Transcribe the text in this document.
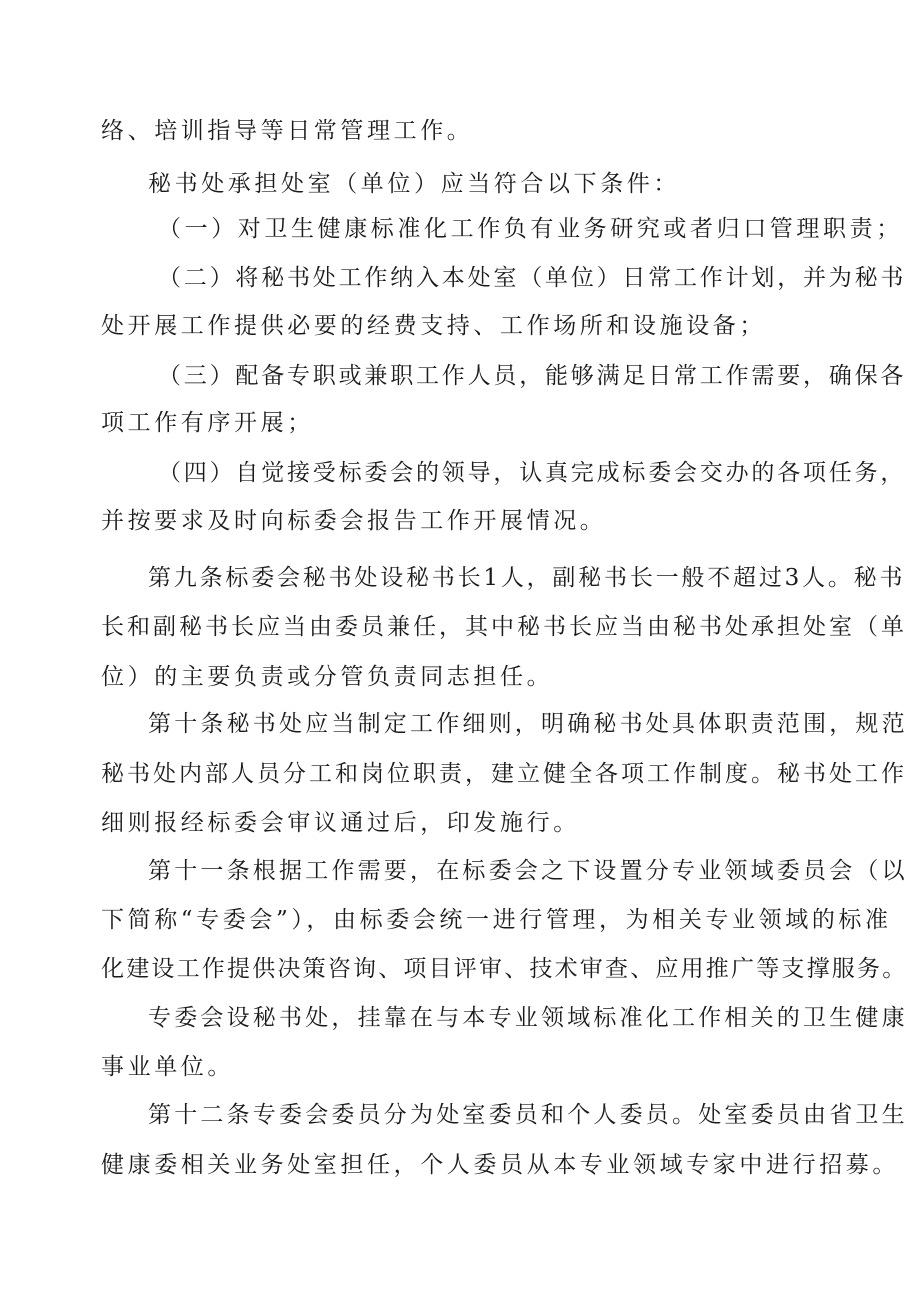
络、培训指导等日常管理工作。
秘书处承担处室（单位）应当符合以下条件：
（一）对卫生健康标准化工作负有业务研究或者归口管理职责；
（二）将秘书处工作纳入本处室（单位）日常工作计划，并为秘书
处开展工作提供必要的经费支持、工作场所和设施设备；
（三）配备专职或兼职工作人员，能够满足日常工作需要，确保各
项工作有序开展；
（四）自觉接受标委会的领导，认真完成标委会交办的各项任务，
并按要求及时向标委会报告工作开展情况。
第九条标委会秘书处设秘书长1人，副秘书长一般不超过3人。秘书
长和副秘书长应当由委员兼任，其中秘书长应当由秘书处承担处室（单
位）的主要负责或分管负责同志担任。
第十条秘书处应当制定工作细则，明确秘书处具体职责范围，规范
秘书处内部人员分工和岗位职责，建立健全各项工作制度。秘书处工作
细则报经标委会审议通过后，印发施行。
第十一条根据工作需要，在标委会之下设置分专业领域委员会（以
下简称“专委会”），由标委会统一进行管理，为相关专业领域的标准
化建设工作提供决策咨询、项目评审、技术审查、应用推广等支撑服务。
专委会设秘书处，挂靠在与本专业领域标准化工作相关的卫生健康
事业单位。
第十二条专委会委员分为处室委员和个人委员。处室委员由省卫生
健康委相关业务处室担任，个人委员从本专业领域专家中进行招募。
